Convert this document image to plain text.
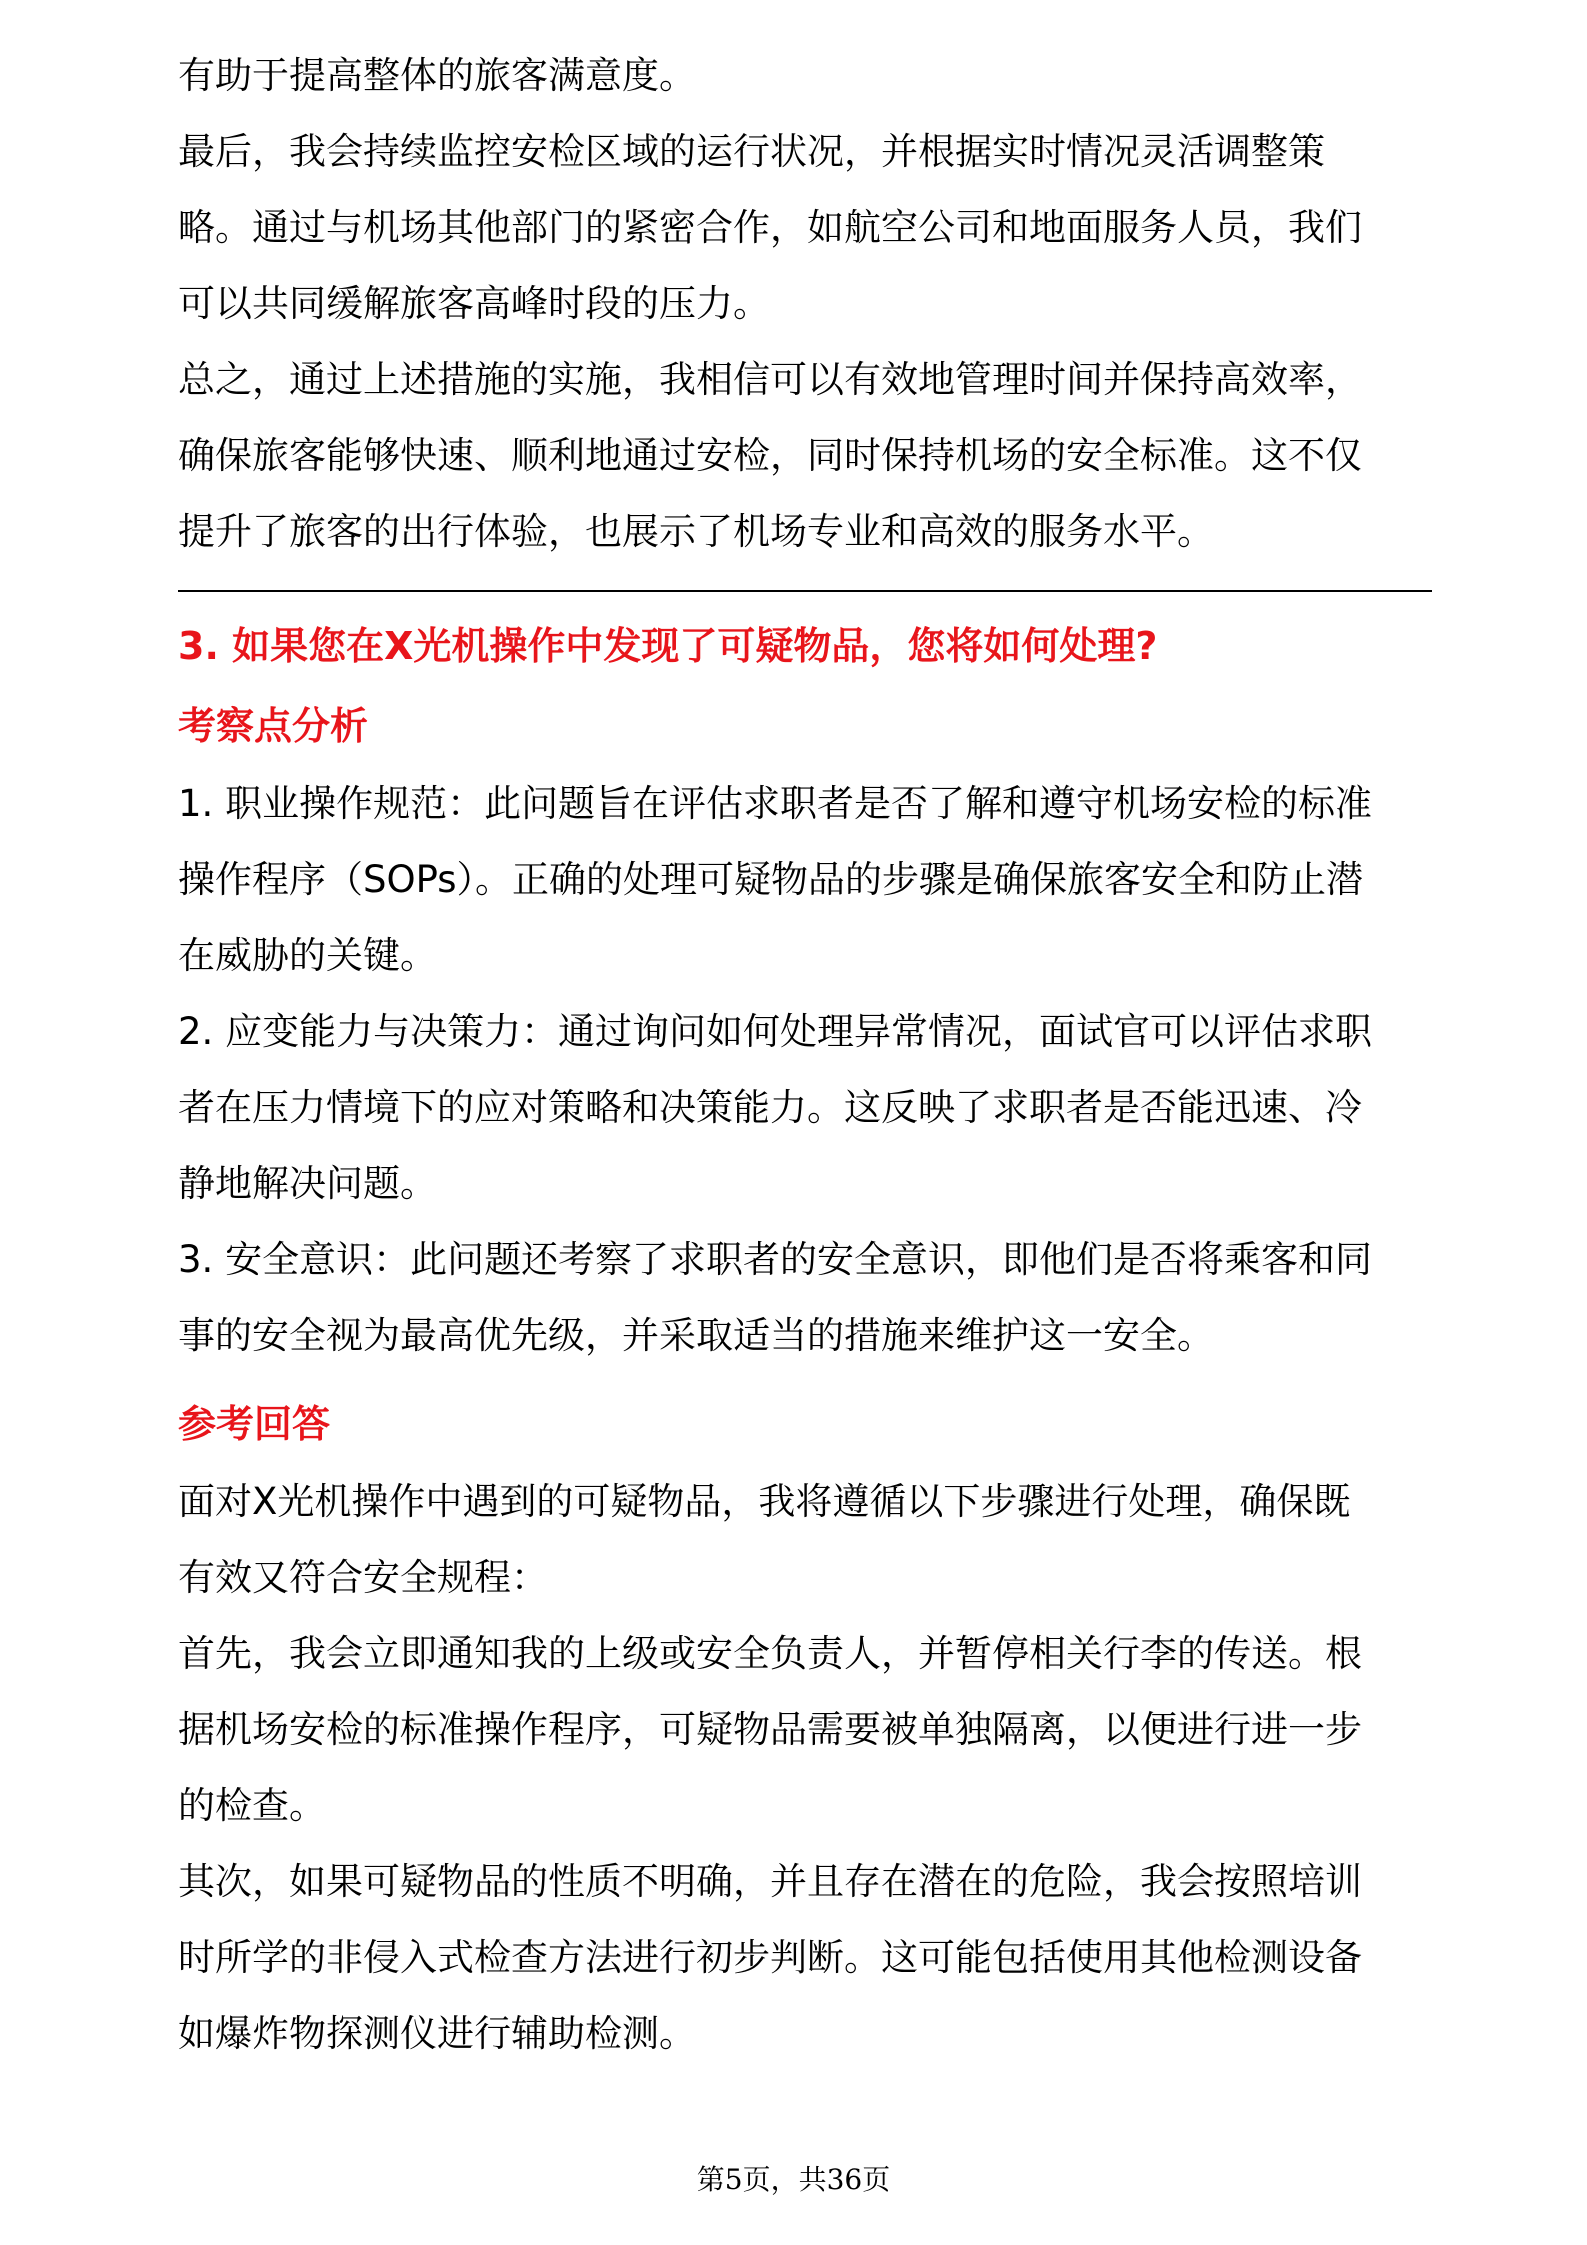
有助于提高整体的旅客满意度。
最后，我会持续监控安检区域的运行状况，并根据实时情况灵活调整策
略。通过与机场其他部门的紧密合作，如航空公司和地面服务人员，我们
可以共同缓解旅客高峰时段的压力。
总之，通过上述措施的实施，我相信可以有效地管理时间并保持高效率，
确保旅客能够快速、顺利地通过安检，同时保持机场的安全标准。这不仅
提升了旅客的出行体验，也展示了机场专业和高效的服务水平。
3. 如果您在X光机操作中发现了可疑物品，您将如何处理?
考察点分析
1. 职业操作规范：此问题旨在评估求职者是否了解和遵守机场安检的标准
操作程序（SOPs）。正确的处理可疑物品的步骤是确保旅客安全和防止潜
在威胁的关键。
2. 应变能力与决策力：通过询问如何处理异常情况，面试官可以评估求职
者在压力情境下的应对策略和决策能力。这反映了求职者是否能迅速、冷
静地解决问题。
3. 安全意识：此问题还考察了求职者的安全意识，即他们是否将乘客和同
事的安全视为最高优先级，并采取适当的措施来维护这一安全。
参考回答
面对X光机操作中遇到的可疑物品，我将遵循以下步骤进行处理，确保既
有效又符合安全规程：
首先，我会立即通知我的上级或安全负责人，并暂停相关行李的传送。根
据机场安检的标准操作程序，可疑物品需要被单独隔离，以便进行进一步
的检查。
其次，如果可疑物品的性质不明确，并且存在潜在的危险，我会按照培训
时所学的非侵入式检查方法进行初步判断。这可能包括使用其他检测设备
如爆炸物探测仪进行辅助检测。
第5页，共36页
